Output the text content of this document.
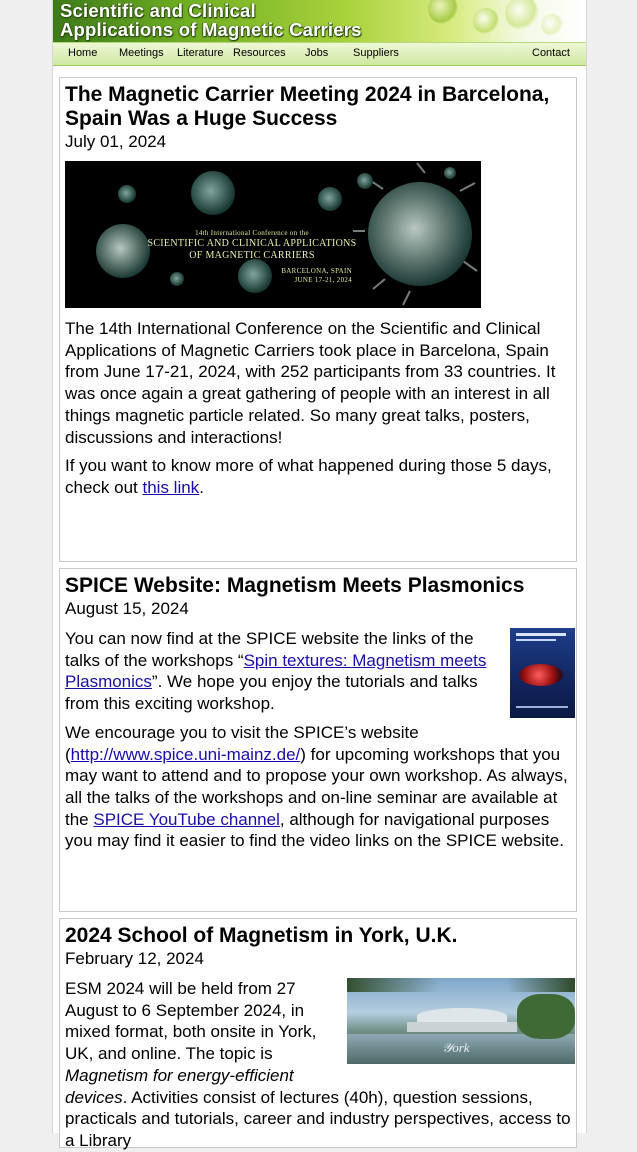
Scientific and Clinical
Applications of Magnetic Carriers
Home Meetings Literature Resources Jobs Suppliers	Contact
The Magnetic Carrier Meeting 2024 in Barcelona, Spain Was a Huge Success
July 01, 2024
14th International Conference on the
SCIENTIFIC AND CLINICAL APPLICATIONS
OF MAGNETIC CARRIERS
BARCELONA, SPAIN
JUNE 17-21, 2024

The 14th International Conference on the Scientific and Clinical Applications of Magnetic Carriers took place in Barcelona, Spain from June 17-21, 2024, with 252 participants from 33 countries. It was once again a great gathering of people with an interest in all things magnetic particle related. So many great talks, posters, discussions and interactions!

If you want to know more of what happened during those 5 days, check out this link.

SPICE Website: Magnetism Meets Plasmonics
August 15, 2024

You can now find at the SPICE website the links of the talks of the workshops “Spin textures: Magnetism meets Plasmonics”. We hope you enjoy the tutorials and talks from this exciting workshop.

We encourage you to visit the SPICE’s website (http://www.spice.uni-mainz.de/) for upcoming workshops that you may want to attend and to propose your own workshop. As always, all the talks of the workshops and on-line seminar are available at the SPICE YouTube channel, although for navigational purposes you may find it easier to find the video links on the SPICE website.

2024 School of Magnetism in York, U.K.
February 12, 2024
𝒴ork

ESM 2024 will be held from 27 August to 6 September 2024, in mixed format, both onsite in York, UK, and online. The topic is Magnetism for energy-efficient devices. Activities consist of lectures (40h), question sessions, practicals and tutorials, career and industry perspectives, access to a Library
